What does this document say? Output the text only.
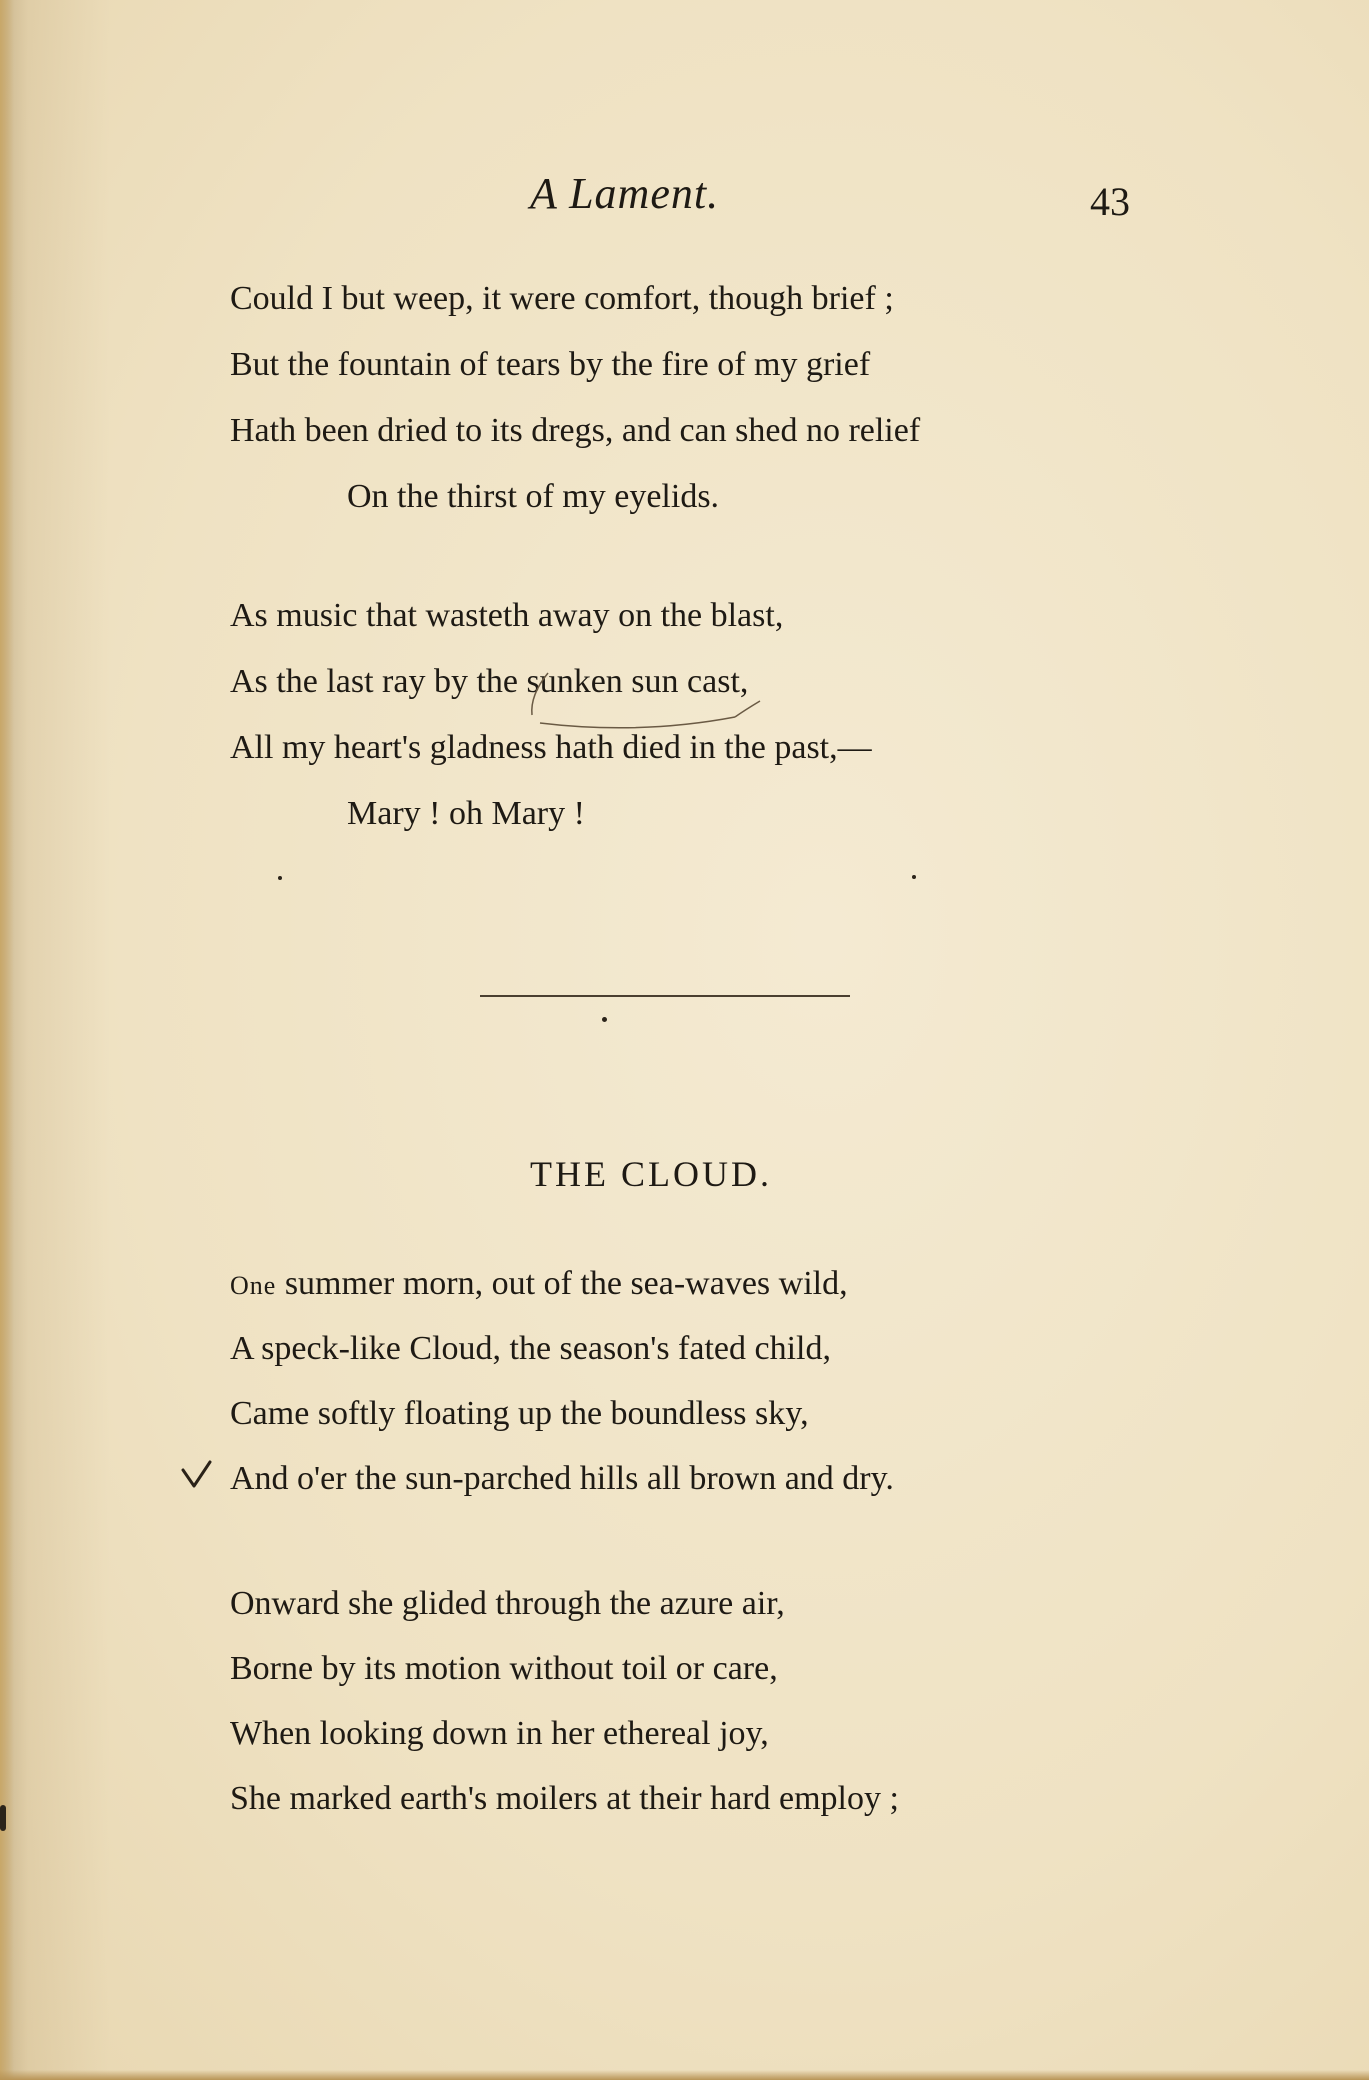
A Lament.	43
Could I but weep, it were comfort, though brief ;
But the fountain of tears by the fire of my grief
Hath been dried to its dregs, and can shed no relief
On the thirst of my eyelids.
As music that wasteth away on the blast,
As the last ray by the sunken sun cast,
All my heart's gladness hath died in the past,—
Mary ! oh Mary !
THE CLOUD.
One summer morn, out of the sea-waves wild,
A speck-like Cloud, the season's fated child,
Came softly floating up the boundless sky,
And o'er the sun-parched hills all brown and dry.
Onward she glided through the azure air,
Borne by its motion without toil or care,
When looking down in her ethereal joy,
She marked earth's moilers at their hard employ ;
